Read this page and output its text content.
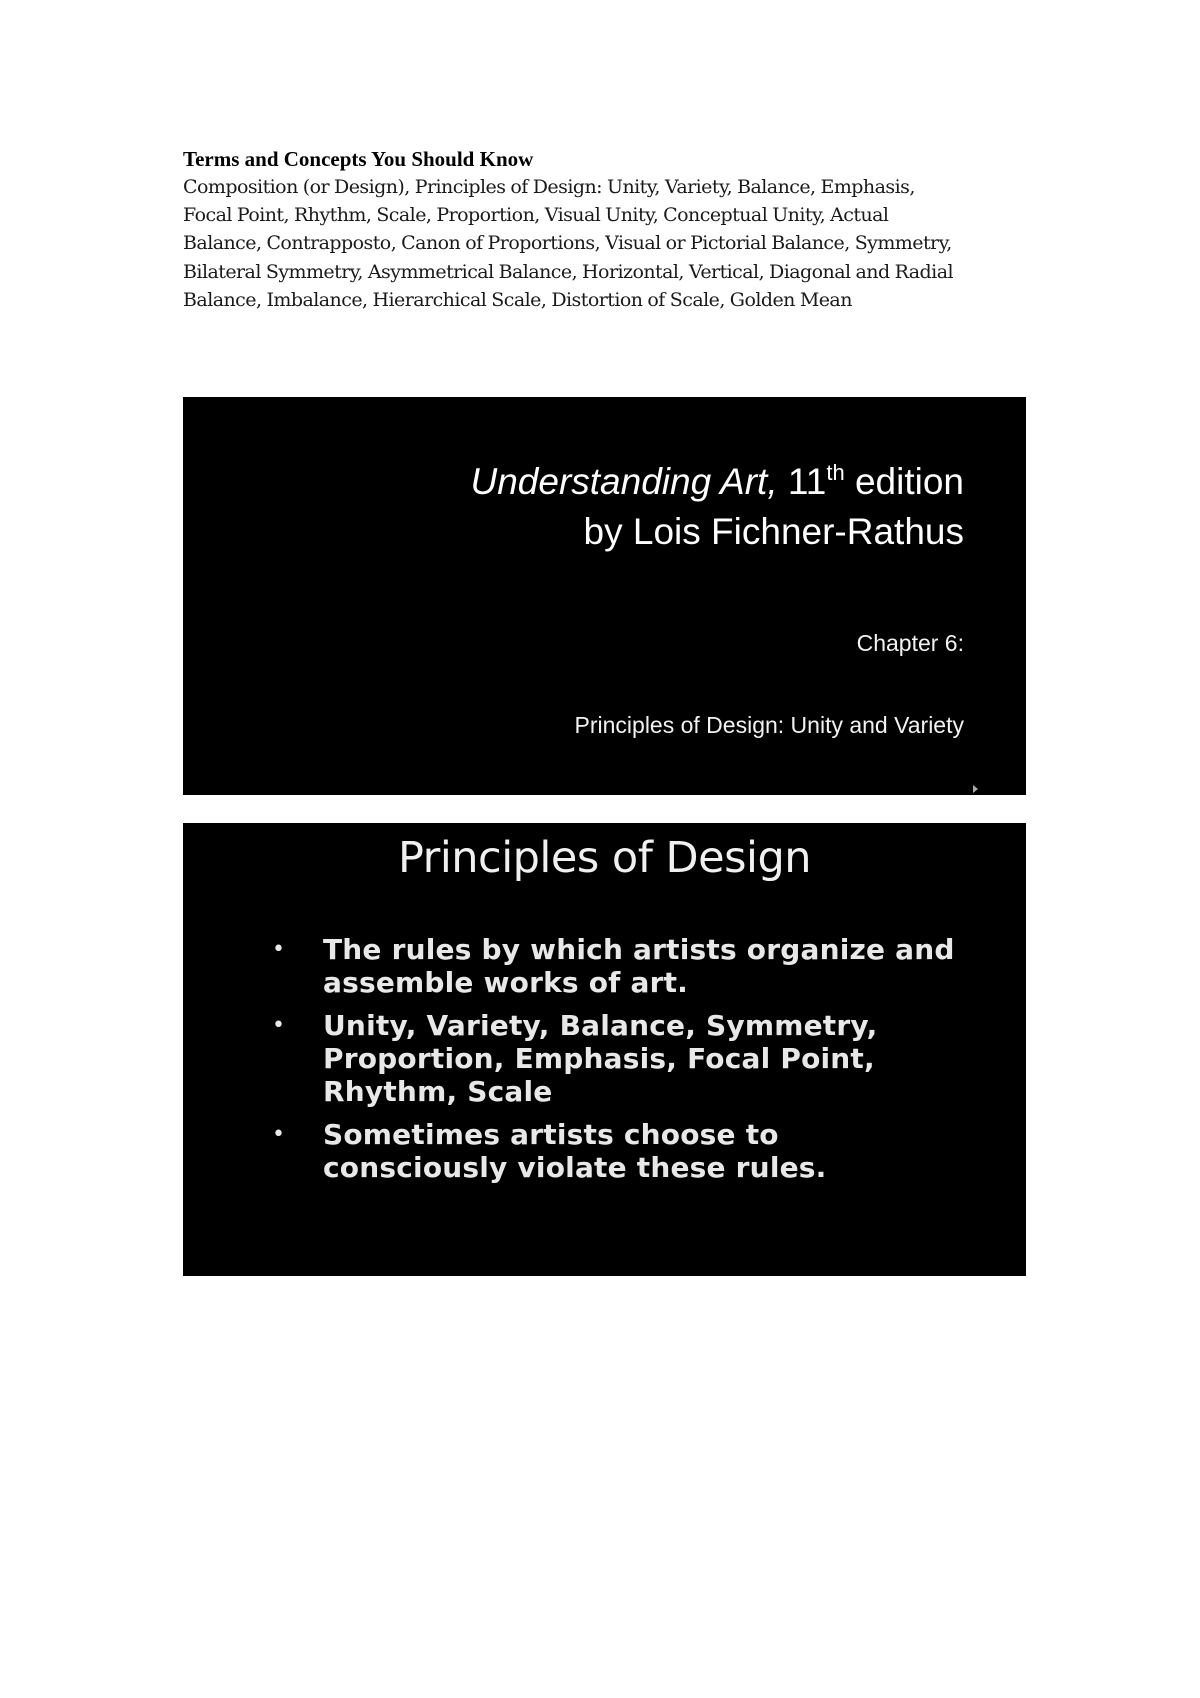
Terms and Concepts You Should Know

Composition (or Design), Principles of Design: Unity, Variety, Balance, Emphasis,
Focal Point, Rhythm, Scale, Proportion, Visual Unity, Conceptual Unity, Actual
Balance, Contrapposto, Canon of Proportions, Visual or Pictorial Balance, Symmetry,
Bilateral Symmetry, Asymmetrical Balance, Horizontal, Vertical, Diagonal and Radial
Balance, Imbalance, Hierarchical Scale, Distortion of Scale, Golden Mean

Understanding Art, 11th edition
by Lois Fichner-Rathus
Chapter 6:
Principles of Design: Unity and Variety
Principles of Design
• The rules by which artists organize and assemble works of art.
• Unity, Variety, Balance, Symmetry, Proportion, Emphasis, Focal Point, Rhythm, Scale
• Sometimes artists choose to consciously violate these rules.
